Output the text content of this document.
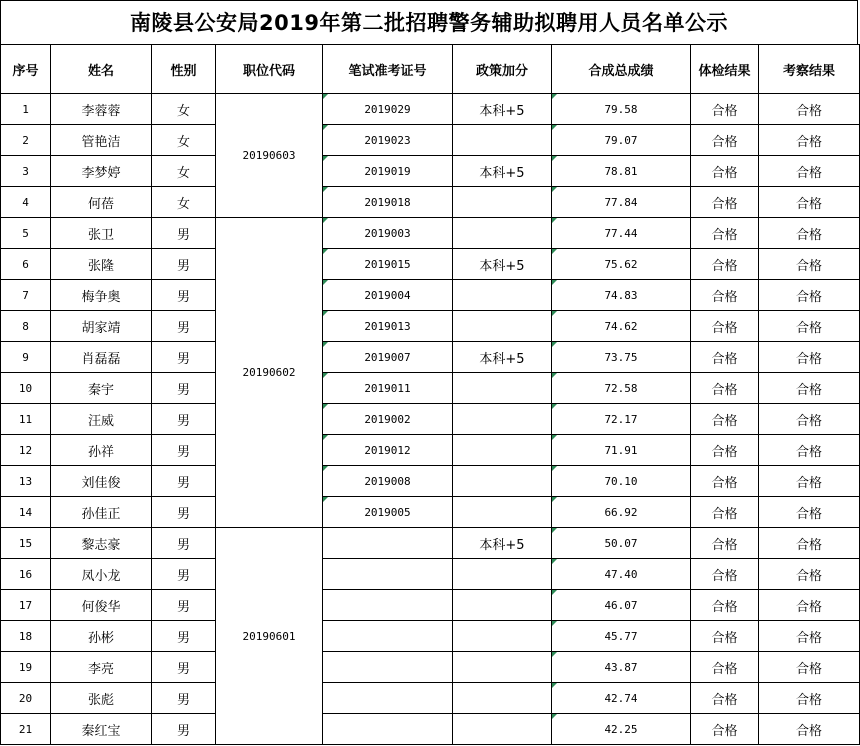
南陵县公安局2019年第二批招聘警务辅助拟聘用人员名单公示
序号	姓名	性别	职位代码	笔试准考证号	政策加分	合成总成绩	体检结果	考察结果
1	李蓉蓉	女	20190603	2019029	本科+5	79.58	合格	合格
2	管艳洁	女		2019023		79.07	合格	合格
3	李梦婷	女		2019019	本科+5	78.81	合格	合格
4	何蓓	女		2019018		77.84	合格	合格
5	张卫	男	20190602	2019003		77.44	合格	合格
6	张隆	男		2019015	本科+5	75.62	合格	合格
7	梅争奥	男		2019004		74.83	合格	合格
8	胡家靖	男		2019013		74.62	合格	合格
9	肖磊磊	男		2019007	本科+5	73.75	合格	合格
10	秦宇	男		2019011		72.58	合格	合格
11	汪威	男		2019002		72.17	合格	合格
12	孙祥	男		2019012		71.91	合格	合格
13	刘佳俊	男		2019008		70.10	合格	合格
14	孙佳正	男		2019005		66.92	合格	合格
15	黎志豪	男	20190601		本科+5	50.07	合格	合格
16	凤小龙	男				47.40	合格	合格
17	何俊华	男				46.07	合格	合格
18	孙彬	男				45.77	合格	合格
19	李亮	男				43.87	合格	合格
20	张彪	男				42.74	合格	合格
21	秦红宝	男				42.25	合格	合格
